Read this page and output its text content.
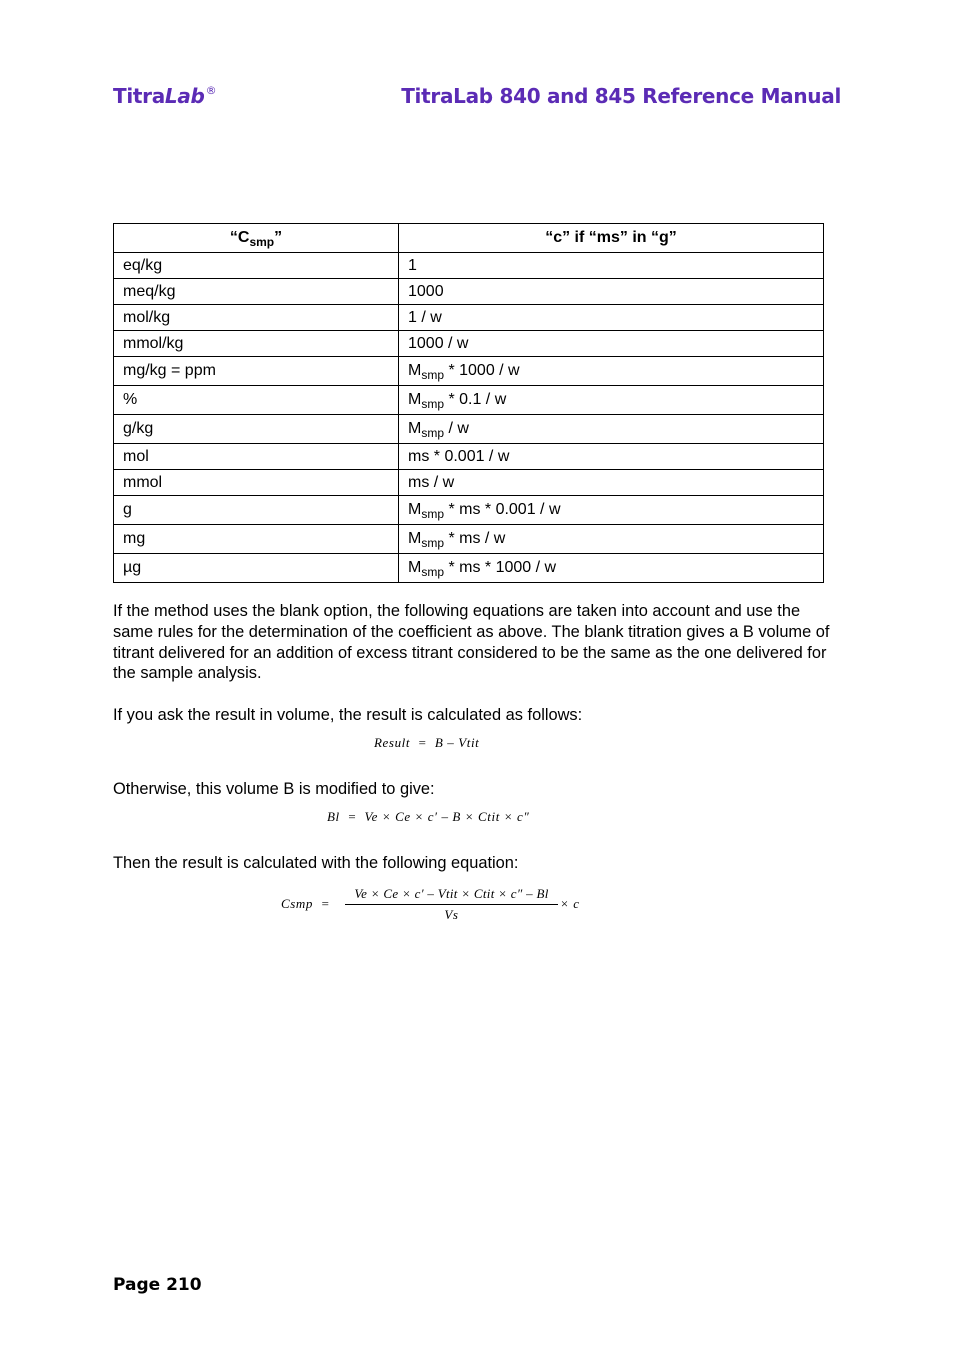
TitraLab®	TitraLab 840 and 845 Reference Manual
“$C_{smp}$”	“c” if “ms” in “g”
eq/kg	1
meq/kg	1000
mol/kg	1 / w
mmol/kg	1000 / w
mg/kg = ppm	$M_{smp} * 1000$ / w
%	$M_{smp} * 0.1$ / w
g/kg	$M_{smp}$ / w
mol	ms * 0.001 / w
mmol	ms / w
g	$M_{smp}$ * ms * 0.001 / w
mg	$M_{smp}$ * ms / w
µg	$M_{smp}$ * ms * 1000 / w

If the method uses the blank option, the following equations are taken into account and use the same rules for the determination of the coefficient as above. The blank titration gives a B volume of titrant delivered for an addition of excess titrant considered to be the same as the one delivered for the sample analysis.

If you ask the result in volume, the result is calculated as follows:

Result  =  B – Vtit

Otherwise, this volume B is modified to give:

Bl  =  Ve × Ce × c′ – B × Ctit × c″

Then the result is calculated with the following equation:

Csmp  =
Ve × Ce × c′ – Vtit × Ctit × c″ – Bl
Vs
× c
Page 210
